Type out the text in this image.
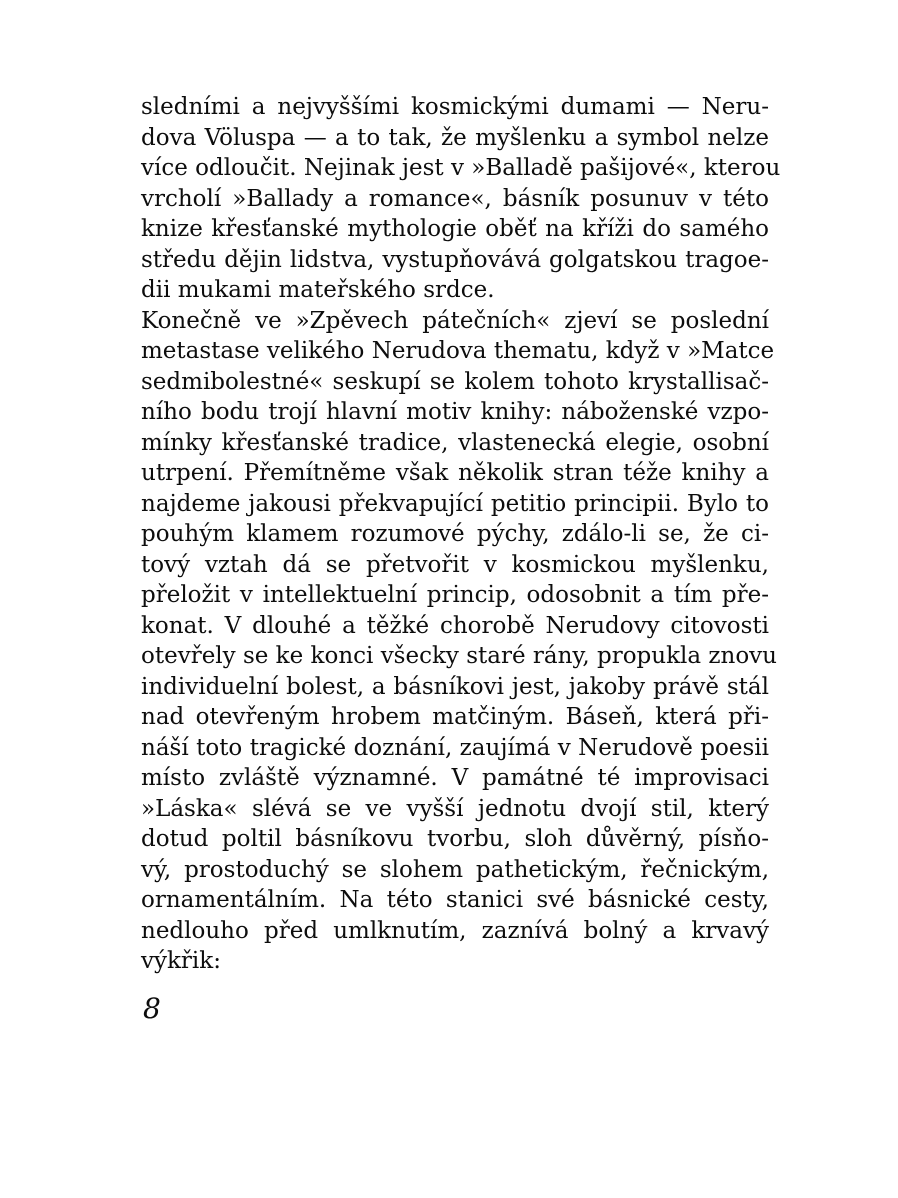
sledními a nejvyššími kosmickými dumami — Neru-
dova Völuspa — a to tak, že myšlenku a symbol nelze
více odloučit. Nejinak jest v »Balladě pašijové«, kterou
vrcholí »Ballady a romance«, básník posunuv v této
knize křesťanské mythologie oběť na kříži do samého
středu dějin lidstva, vystupňovává golgatskou tragoe-
dii mukami mateřského srdce.
Konečně ve »Zpěvech pátečních« zjeví se poslední
metastase velikého Nerudova thematu, když v »Matce
sedmibolestné« seskupí se kolem tohoto krystallisač-
ního bodu trojí hlavní motiv knihy: náboženské vzpo-
mínky křesťanské tradice, vlastenecká elegie, osobní
utrpení. Přemítněme však několik stran téže knihy a
najdeme jakousi překvapující petitio principii. Bylo to
pouhým klamem rozumové pýchy, zdálo-li se, že ci-
tový vztah dá se přetvořit v kosmickou myšlenku,
přeložit v intellektuelní princip, odosobnit a tím pře-
konat. V dlouhé a těžké chorobě Nerudovy citovosti
otevřely se ke konci všecky staré rány, propukla znovu
individuelní bolest, a básníkovi jest, jakoby právě stál
nad otevřeným hrobem matčiným. Báseň, která při-
náší toto tragické doznání, zaujímá v Nerudově poesii
místo zvláště významné. V památné té improvisaci
»Láska« slévá se ve vyšší jednotu dvojí stil, který
dotud poltil básníkovu tvorbu, sloh důvěrný, písňo-
vý, prostoduchý se slohem pathetickým, řečnickým,
ornamentálním. Na této stanici své básnické cesty,
nedlouho před umlknutím, zaznívá bolný a krvavý
výkřik:
8
